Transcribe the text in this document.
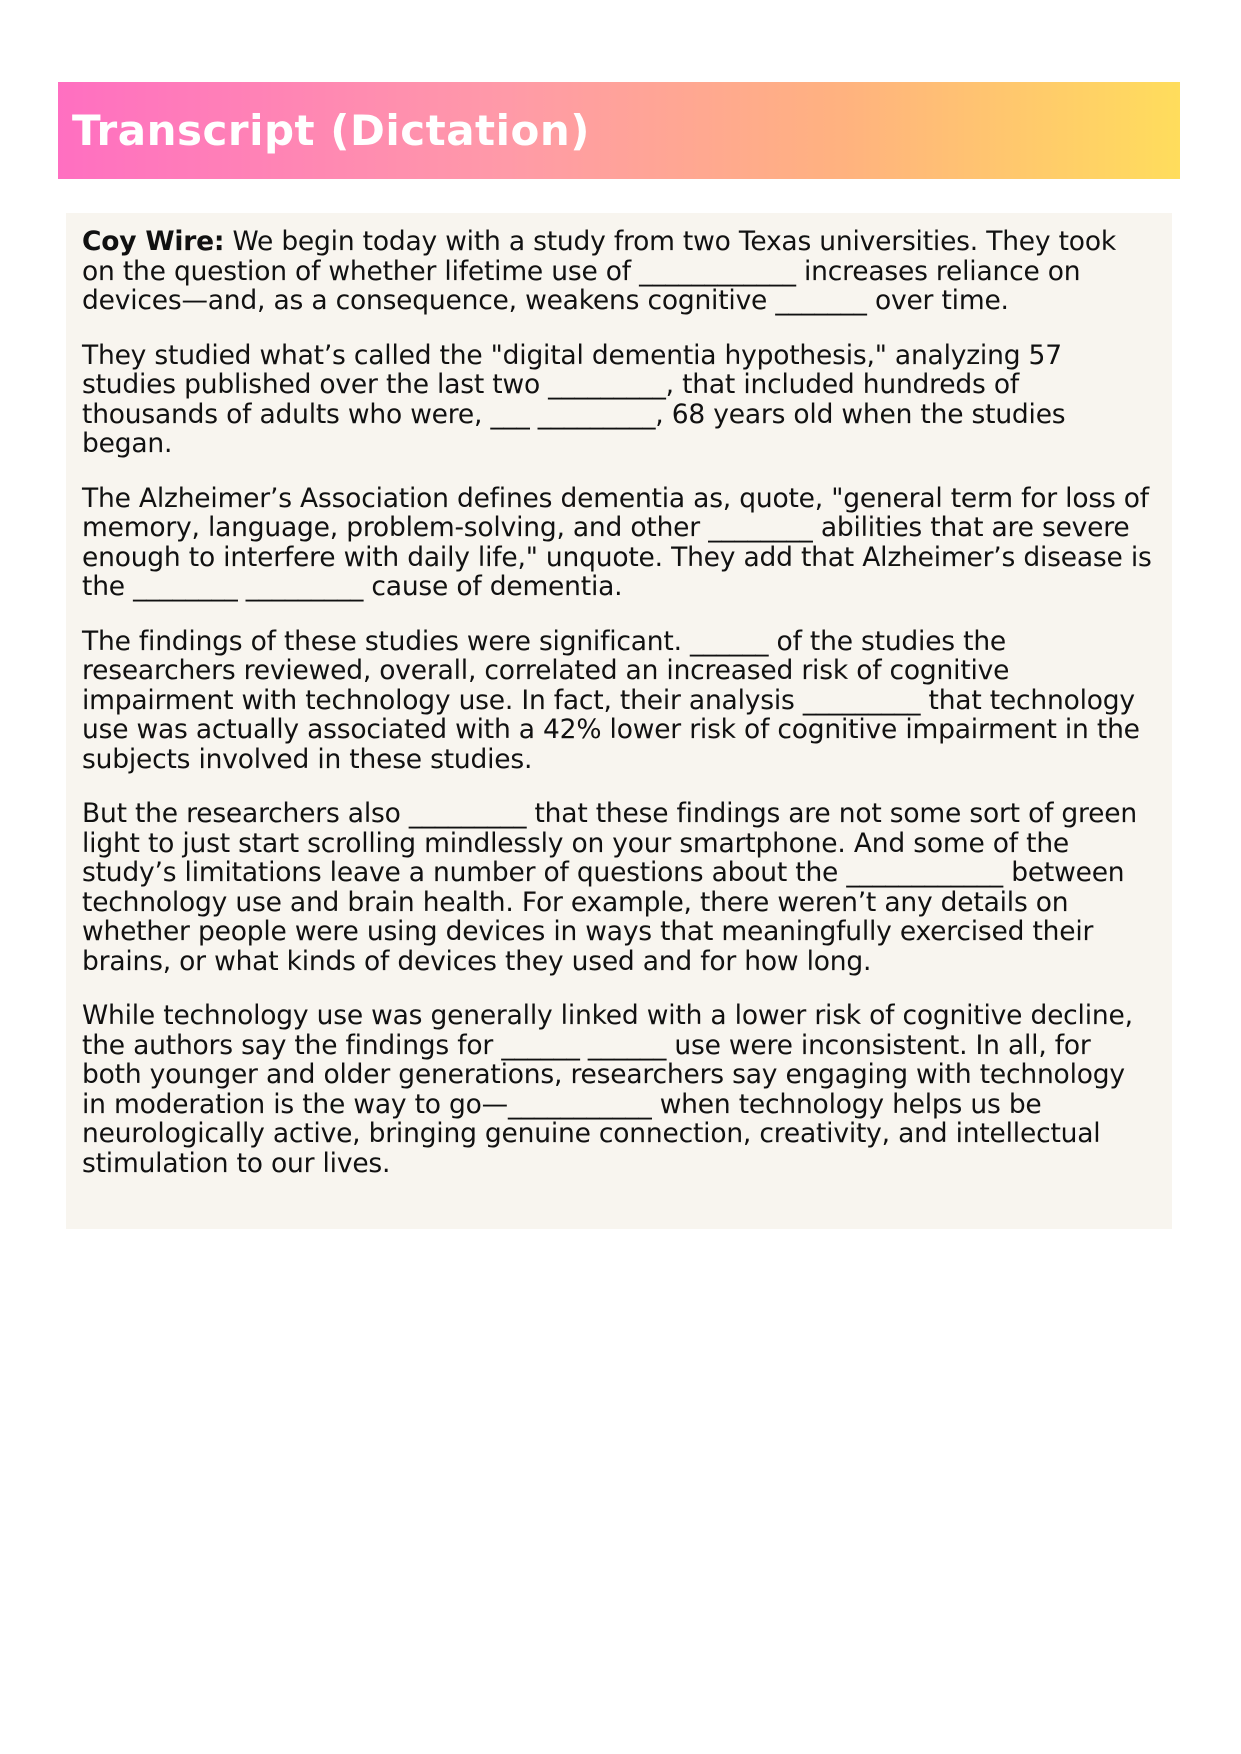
Transcript (Dictation)

Coy Wire: We begin today with a study from two Texas universities. They took on the question of whether lifetime use of ____________ increases reliance on devices—and, as a consequence, weakens cognitive _______ over time.

They studied what’s called the "digital dementia hypothesis," analyzing 57 studies published over the last two _________, that included hundreds of thousands of adults who were, ___ _________, 68 years old when the studies began.

The Alzheimer’s Association defines dementia as, quote, "general term for loss of memory, language, problem-solving, and other ________ abilities that are severe enough to interfere with daily life," unquote. They add that Alzheimer’s disease is the ________ _________ cause of dementia.

The findings of these studies were significant. ______ of the studies the researchers reviewed, overall, correlated an increased risk of cognitive impairment with technology use. In fact, their analysis _________ that technology use was actually associated with a 42% lower risk of cognitive impairment in the subjects involved in these studies.

But the researchers also _________ that these findings are not some sort of green light to just start scrolling mindlessly on your smartphone. And some of the study’s limitations leave a number of questions about the ____________ between technology use and brain health. For example, there weren’t any details on whether people were using devices in ways that meaningfully exercised their brains, or what kinds of devices they used and for how long.

While technology use was generally linked with a lower risk of cognitive decline, the authors say the findings for ______ ______ use were inconsistent. In all, for both younger and older generations, researchers say engaging with technology in moderation is the way to go—___________ when technology helps us be neurologically active, bringing genuine connection, creativity, and intellectual stimulation to our lives.
